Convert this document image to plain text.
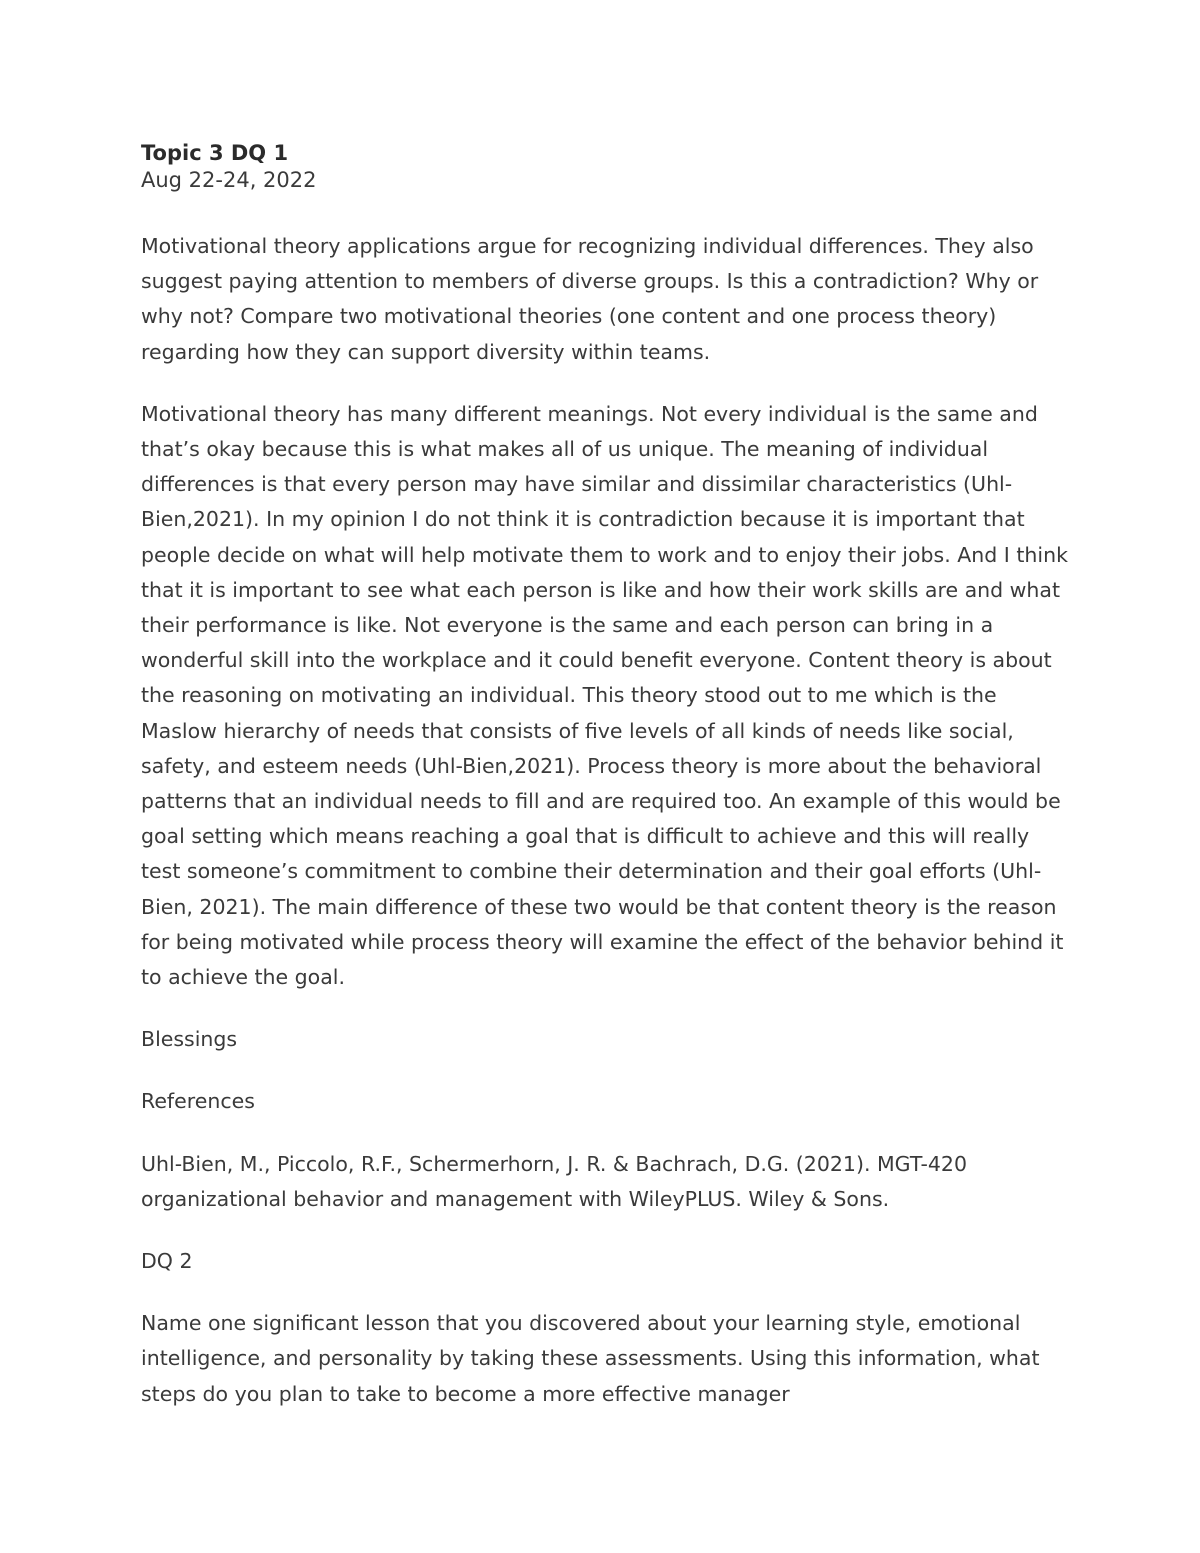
Topic 3 DQ 1

Aug 22-24, 2022

Motivational theory applications argue for recognizing individual differences. They also suggest paying attention to members of diverse groups. Is this a contradiction? Why or why not? Compare two motivational theories (one content and one process theory) regarding how they can support diversity within teams.

Motivational theory has many different meanings. Not every individual is the same and that’s okay because this is what makes all of us unique. The meaning of individual differences is that every person may have similar and dissimilar characteristics (Uhl-Bien,2021). In my opinion I do not think it is contradiction because it is important that people decide on what will help motivate them to work and to enjoy their jobs. And I think that it is important to see what each person is like and how their work skills are and what their performance is like. Not everyone is the same and each person can bring in a wonderful skill into the workplace and it could benefit everyone. Content theory is about the reasoning on motivating an individual. This theory stood out to me which is the Maslow hierarchy of needs that consists of five levels of all kinds of needs like social, safety, and esteem needs (Uhl-Bien,2021). Process theory is more about the behavioral patterns that an individual needs to fill and are required too. An example of this would be goal setting which means reaching a goal that is difficult to achieve and this will really test someone’s commitment to combine their determination and their goal efforts (Uhl-Bien, 2021). The main difference of these two would be that content theory is the reason for being motivated while process theory will examine the effect of the behavior behind it to achieve the goal.

Blessings

References

Uhl-Bien, M., Piccolo, R.F., Schermerhorn, J. R. & Bachrach, D.G. (2021). MGT-420 organizational behavior and management with WileyPLUS. Wiley & Sons.

DQ 2

Name one significant lesson that you discovered about your learning style, emotional intelligence, and personality by taking these assessments. Using this information, what steps do you plan to take to become a more effective manager
